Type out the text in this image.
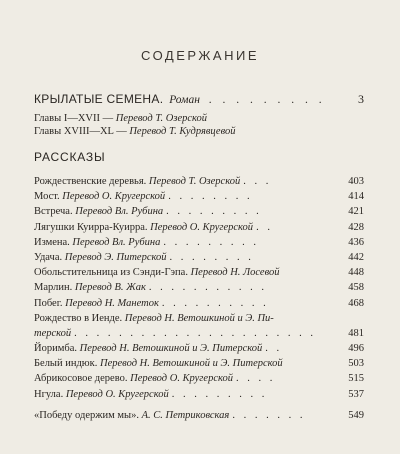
СОДЕРЖАНИЕ
КРЫЛАТЫЕ СЕМЕНА. Роман . . . . . . . . .	3
Главы I—XVII — Перевод Т. Озерской
Главы XVIII—XL — Перевод Т. Кудрявцевой
РАССКАЗЫ
Рождественские деревья. Перевод Т. Озерской . . .	403
Мост. Перевод О. Кругерской . . . . . . . .	414
Встреча. Перевод Вл. Рубина . . . . . . . . .	421
Лягушки Куирра-Куирра. Перевод О. Кругерской . .	428
Измена. Перевод Вл. Рубина . . . . . . . . .	436
Удача. Перевод Э. Питерской . . . . . . . .	442
Обольстительница из Сэнди-Гэпа. Перевод Н. Лосевой	448
Марлин. Перевод В. Жак . . . . . . . . . . .	458
Побег. Перевод Н. Манеток . . . . . . . . . .	468
Рождество в Иенде. Перевод Н. Ветошкиной и Э. Пи-
терской . . . . . . . . . . . . . . . . . . . . . .	481
Йоримба. Перевод Н. Ветошкиной и Э. Питерской . .	496
Белый индюк. Перевод Н. Ветошкиной и Э. Питерской	503
Абрикосовое дерево. Перевод О. Кругерской . . . .	515
Нгула. Перевод О. Кругерской . . . . . . . . .	537
«Победу одержим мы». А. С. Петриковская . . . . . . .	549
